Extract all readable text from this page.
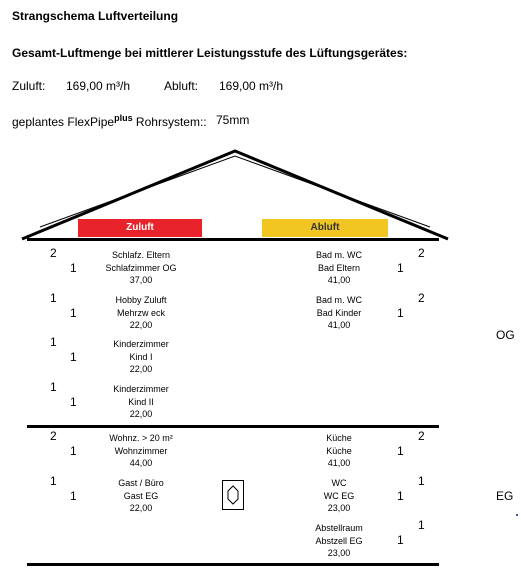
Strangschema Luftverteilung
Gesamt-Luftmenge bei mittlerer Leistungsstufe des Lüftungsgerätes:
Zuluft: 169,00 m³/h	Abluft: 169,00 m³/h
geplantes FlexPipe$^{plus}$ Rohrsystem:: 75mm
Zuluft	Abluft
OG
EG
2
1
Schlafz. Eltern
Schlafzimmer OG
37,00
1
1
Hobby Zuluft
Mehrzw eck
22,00
1
1
Kinderzimmer
Kind I
22,00
1
1
Kinderzimmer
Kind II
22,00
2
1
Wohnz. > 20 m²
Wohnzimmer
44,00
1
1
Gast / Büro
Gast EG
22,00
Bad m. WC
Bad Eltern
41,00
2
1
Bad m. WC
Bad Kinder
41,00
2
1
Küche
Küche
41,00
2
1
WC
WC EG
23,00
1
1
Abstellraum
Abstzell EG
23,00
1
1
